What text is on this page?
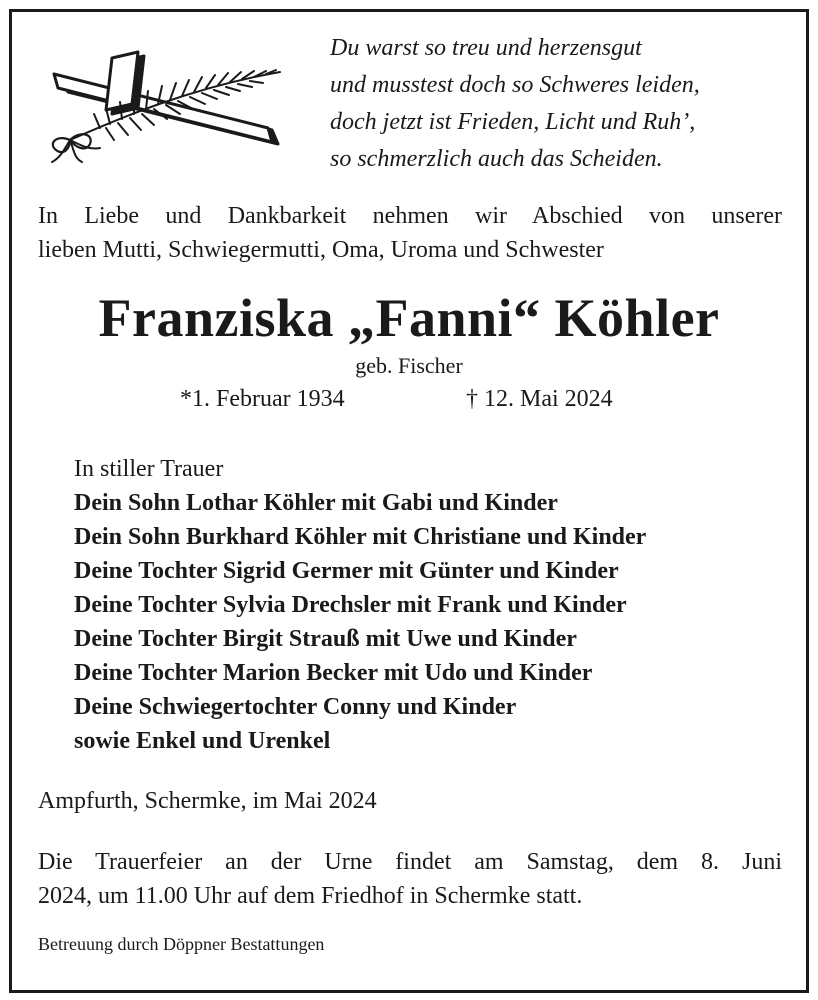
Du warst so treu und herzensgut
und musstest doch so Schweres leiden,
doch jetzt ist Frieden, Licht und Ruh’,
so schmerzlich auch das Scheiden.
In Liebe und Dankbarkeit nehmen wir Abschied von unserer
lieben Mutti, Schwiegermutti, Oma, Uroma und Schwester
Franziska „Fanni“ Köhler
geb. Fischer
*1. Februar 1934	† 12. Mai 2024
In stiller Trauer
Dein Sohn Lothar Köhler mit Gabi und Kinder
Dein Sohn Burkhard Köhler mit Christiane und Kinder
Deine Tochter Sigrid Germer mit Günter und Kinder
Deine Tochter Sylvia Drechsler mit Frank und Kinder
Deine Tochter Birgit Strauß mit Uwe und Kinder
Deine Tochter Marion Becker mit Udo und Kinder
Deine Schwiegertochter Conny und Kinder
sowie Enkel und Urenkel
Ampfurth, Schermke, im Mai 2024
Die Trauerfeier an der Urne findet am Samstag, dem 8. Juni
2024, um 11.00 Uhr auf dem Friedhof in Schermke statt.
Betreuung durch Döppner Bestattungen
